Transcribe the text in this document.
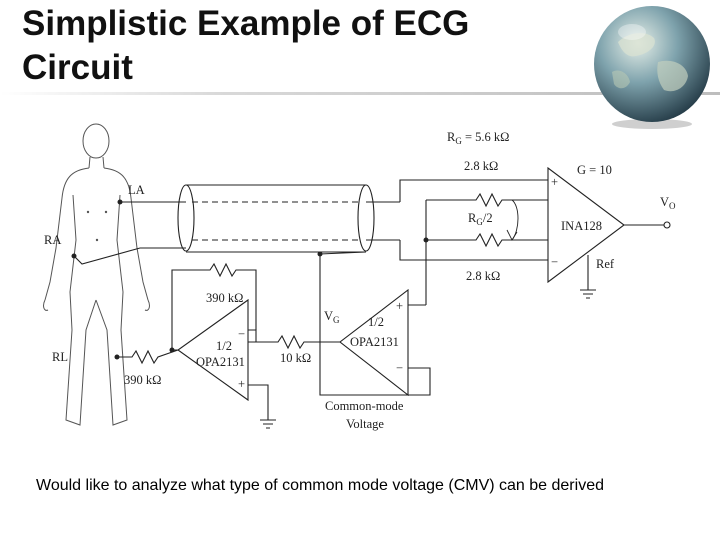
Simplistic Example of ECG Circuit
LA
RA
RL
$R_G = 5.6$ kΩ
2.8 kΩ
2.8 kΩ
$R_G/2$
+
−
G = 10
INA128
Ref
$V_O$
+
−
1/2
OPA2131
$V_G$
Common-mode
Voltage
10 kΩ
−
+
1/2
OPA2131
390 kΩ
390 kΩ
Would like to analyze what type of common mode voltage (CMV) can be derived
